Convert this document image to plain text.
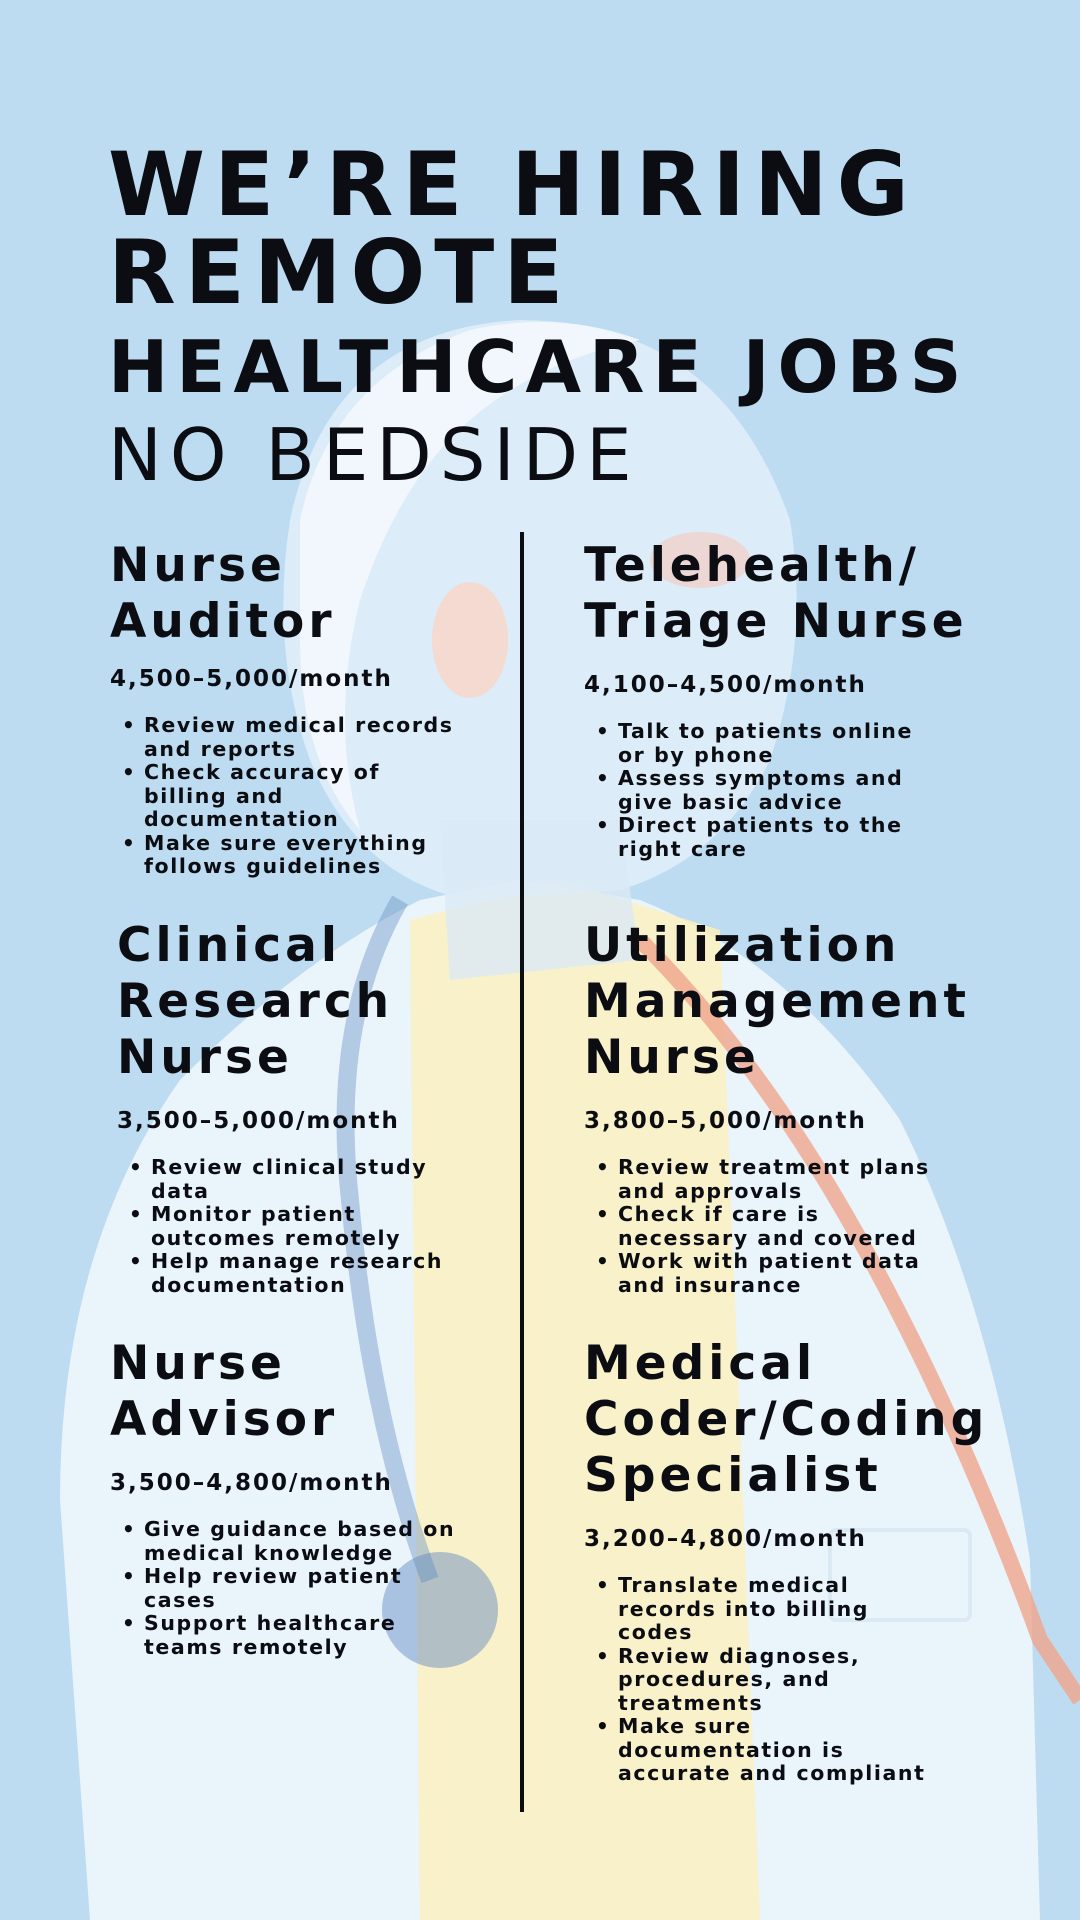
WE’RE HIRING
REMOTE
HEALTHCARE JOBS
NO BEDSIDE
Nurse
Auditor
4,500–5,000/month
• Review medical records
and reports
• Check accuracy of
billing and
documentation
• Make sure everything
follows guidelines
Telehealth/
Triage Nurse
4,100–4,500/month
• Talk to patients online
or by phone
• Assess symptoms and
give basic advice
• Direct patients to the
right care
Clinical
Research
Nurse
3,500–5,000/month
• Review clinical study
data
• Monitor patient
outcomes remotely
• Help manage research
documentation
Utilization
Management
Nurse
3,800–5,000/month
• Review treatment plans
and approvals
• Check if care is
necessary and covered
• Work with patient data
and insurance
Nurse
Advisor
3,500–4,800/month
• Give guidance based on
medical knowledge
• Help review patient
cases
• Support healthcare
teams remotely
Medical
Coder/Coding
Specialist
3,200–4,800/month
• Translate medical
records into billing
codes
• Review diagnoses,
procedures, and
treatments
• Make sure
documentation is
accurate and compliant
